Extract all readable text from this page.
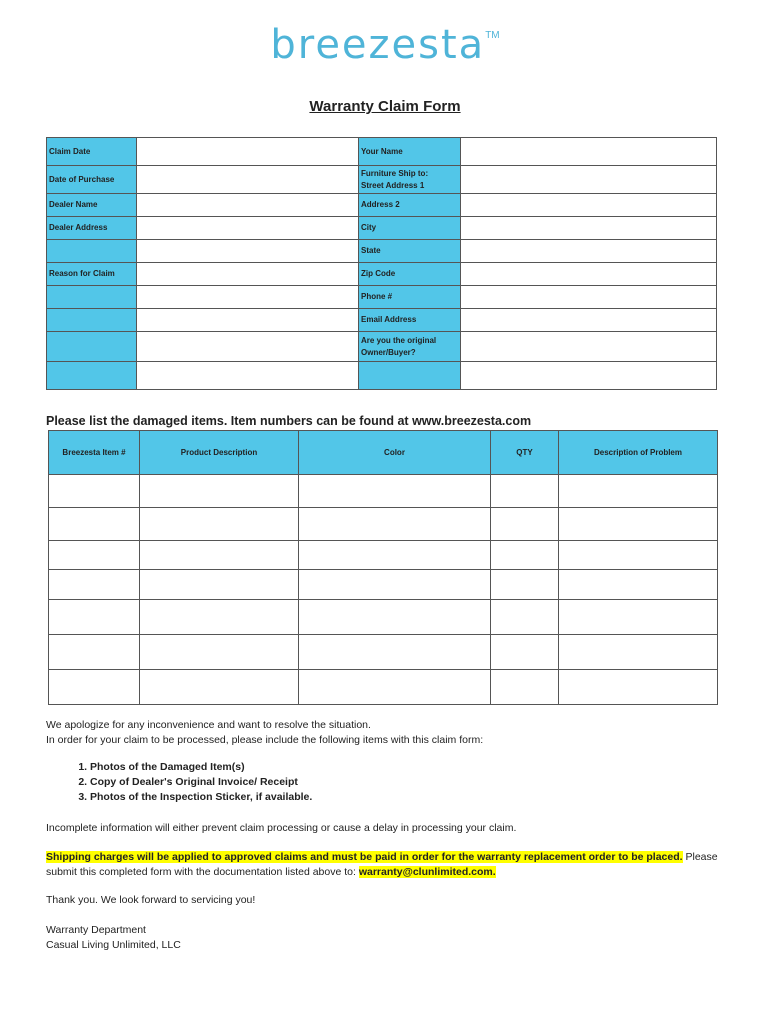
breezesta™
Warranty Claim Form
Claim Date		Your Name	
Date of Purchase		Furniture Ship to:
Street Address 1	
Dealer Name		Address 2	
Dealer Address		City	
		State	
Reason for Claim		Zip Code	
		Phone #	
		Email Address	
		Are you the original
Owner/Buyer?	

Please list the damaged items. Item numbers can be found at www.breezesta.com
Breezesta Item #	Product Description	Color	QTY	Description of Problem

We apologize for any inconvenience and want to resolve the situation.
In order for your claim to be processed, please include the following items with this claim form:
1. Photos of the Damaged Item(s)
2. Copy of Dealer's Original Invoice/ Receipt
3. Photos of the Inspection Sticker, if available.
Incomplete information will either prevent claim processing or cause a delay in processing your claim.
Shipping charges will be applied to approved claims and must be paid in order for the warranty replacement order to be placed. Please submit this completed form with the documentation listed above to: warranty@clunlimited.com.
Thank you. We look forward to servicing you!
Warranty Department
Casual Living Unlimited, LLC
